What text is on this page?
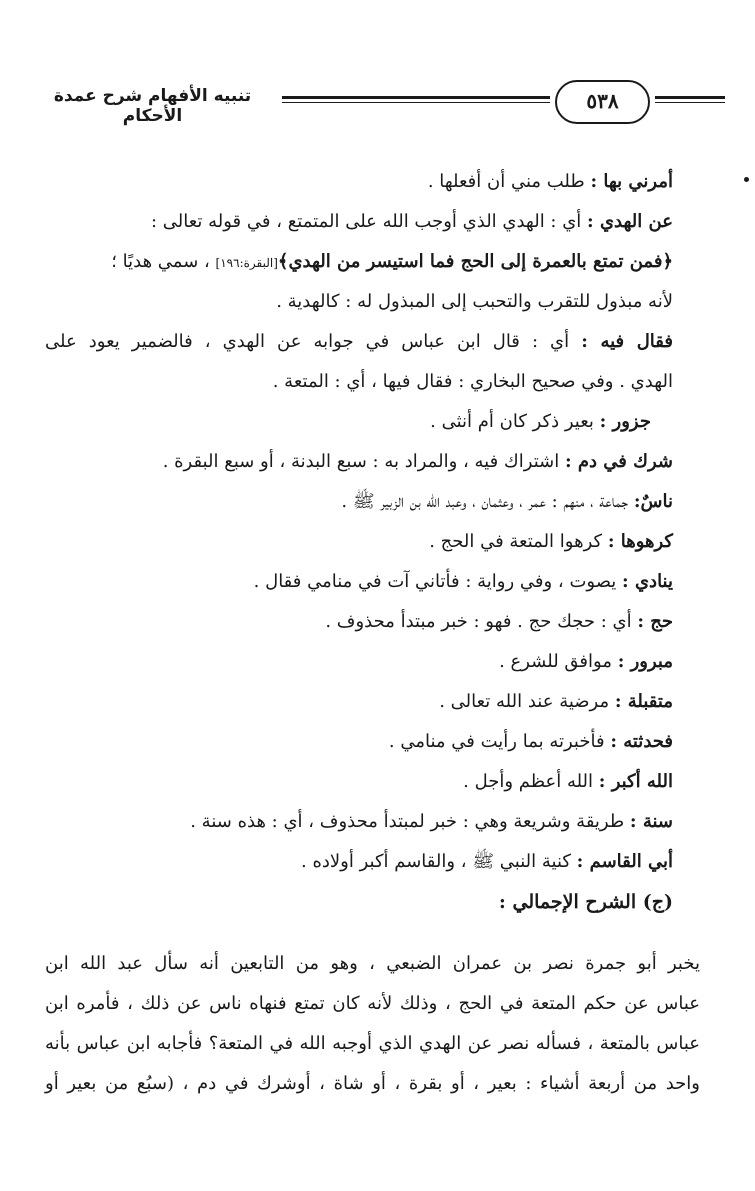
تنبيه الأفهام شرح عمدة الأحكام
٥٣٨
أمرني بها : طلب مني أن أفعلها .
عن الهدي : أي : الهدي الذي أوجب الله على المتمتع ، في قوله تعالى :
﴿فمن تمتع بالعمرة إلى الحج فما استيسر من الهدي﴾[البقرة:١٩٦] ، سمي هديًا ؛
لأنه مبذول للتقرب والتحبب إلى المبذول له : كالهدية .
فقال فيه : أي : قال ابن عباس في جوابه عن الهدي ، فالضمير يعود على
الهدي . وفي صحيح البخاري : فقال فيها ، أي : المتعة .
جزور : بعير ذكر كان أم أنثى .
شرك في دم : اشتراك فيه ، والمراد به : سبع البدنة ، أو سبع البقرة .
ناسٌ: جماعة ، منهم : عمر ، وعثمان ، وعبد الله بن الزبير ﷺ .
كرهوها : كرهوا المتعة في الحج .
ينادي : يصوت ، وفي رواية : فأتاني آت في منامي فقال .
حج : أي : حجك حج . فهو : خبر مبتدأ محذوف .
مبرور : موافق للشرع .
متقبلة : مرضية عند الله تعالى .
فحدثته : فأخبرته بما رأيت في منامي .
الله أكبر : الله أعظم وأجل .
سنة : طريقة وشريعة وهي : خبر لمبتدأ محذوف ، أي : هذه سنة .
أبي القاسم : كنية النبي ﷺ ، والقاسم أكبر أولاده .
(ج) الشرح الإجمالي :
يخبر أبو جمرة نصر بن عمران الضبعي ، وهو من التابعين أنه سأل عبد الله ابن
عباس عن حكم المتعة في الحج ، وذلك لأنه كان تمتع فنهاه ناس عن ذلك ، فأمره ابن
عباس بالمتعة ، فسأله نصر عن الهدي الذي أوجبه الله في المتعة؟ فأجابه ابن عباس بأنه
واحد من أربعة أشياء : بعير ، أو بقرة ، أو شاة ، أوشرك في دم ، (سبُع من بعير أو
